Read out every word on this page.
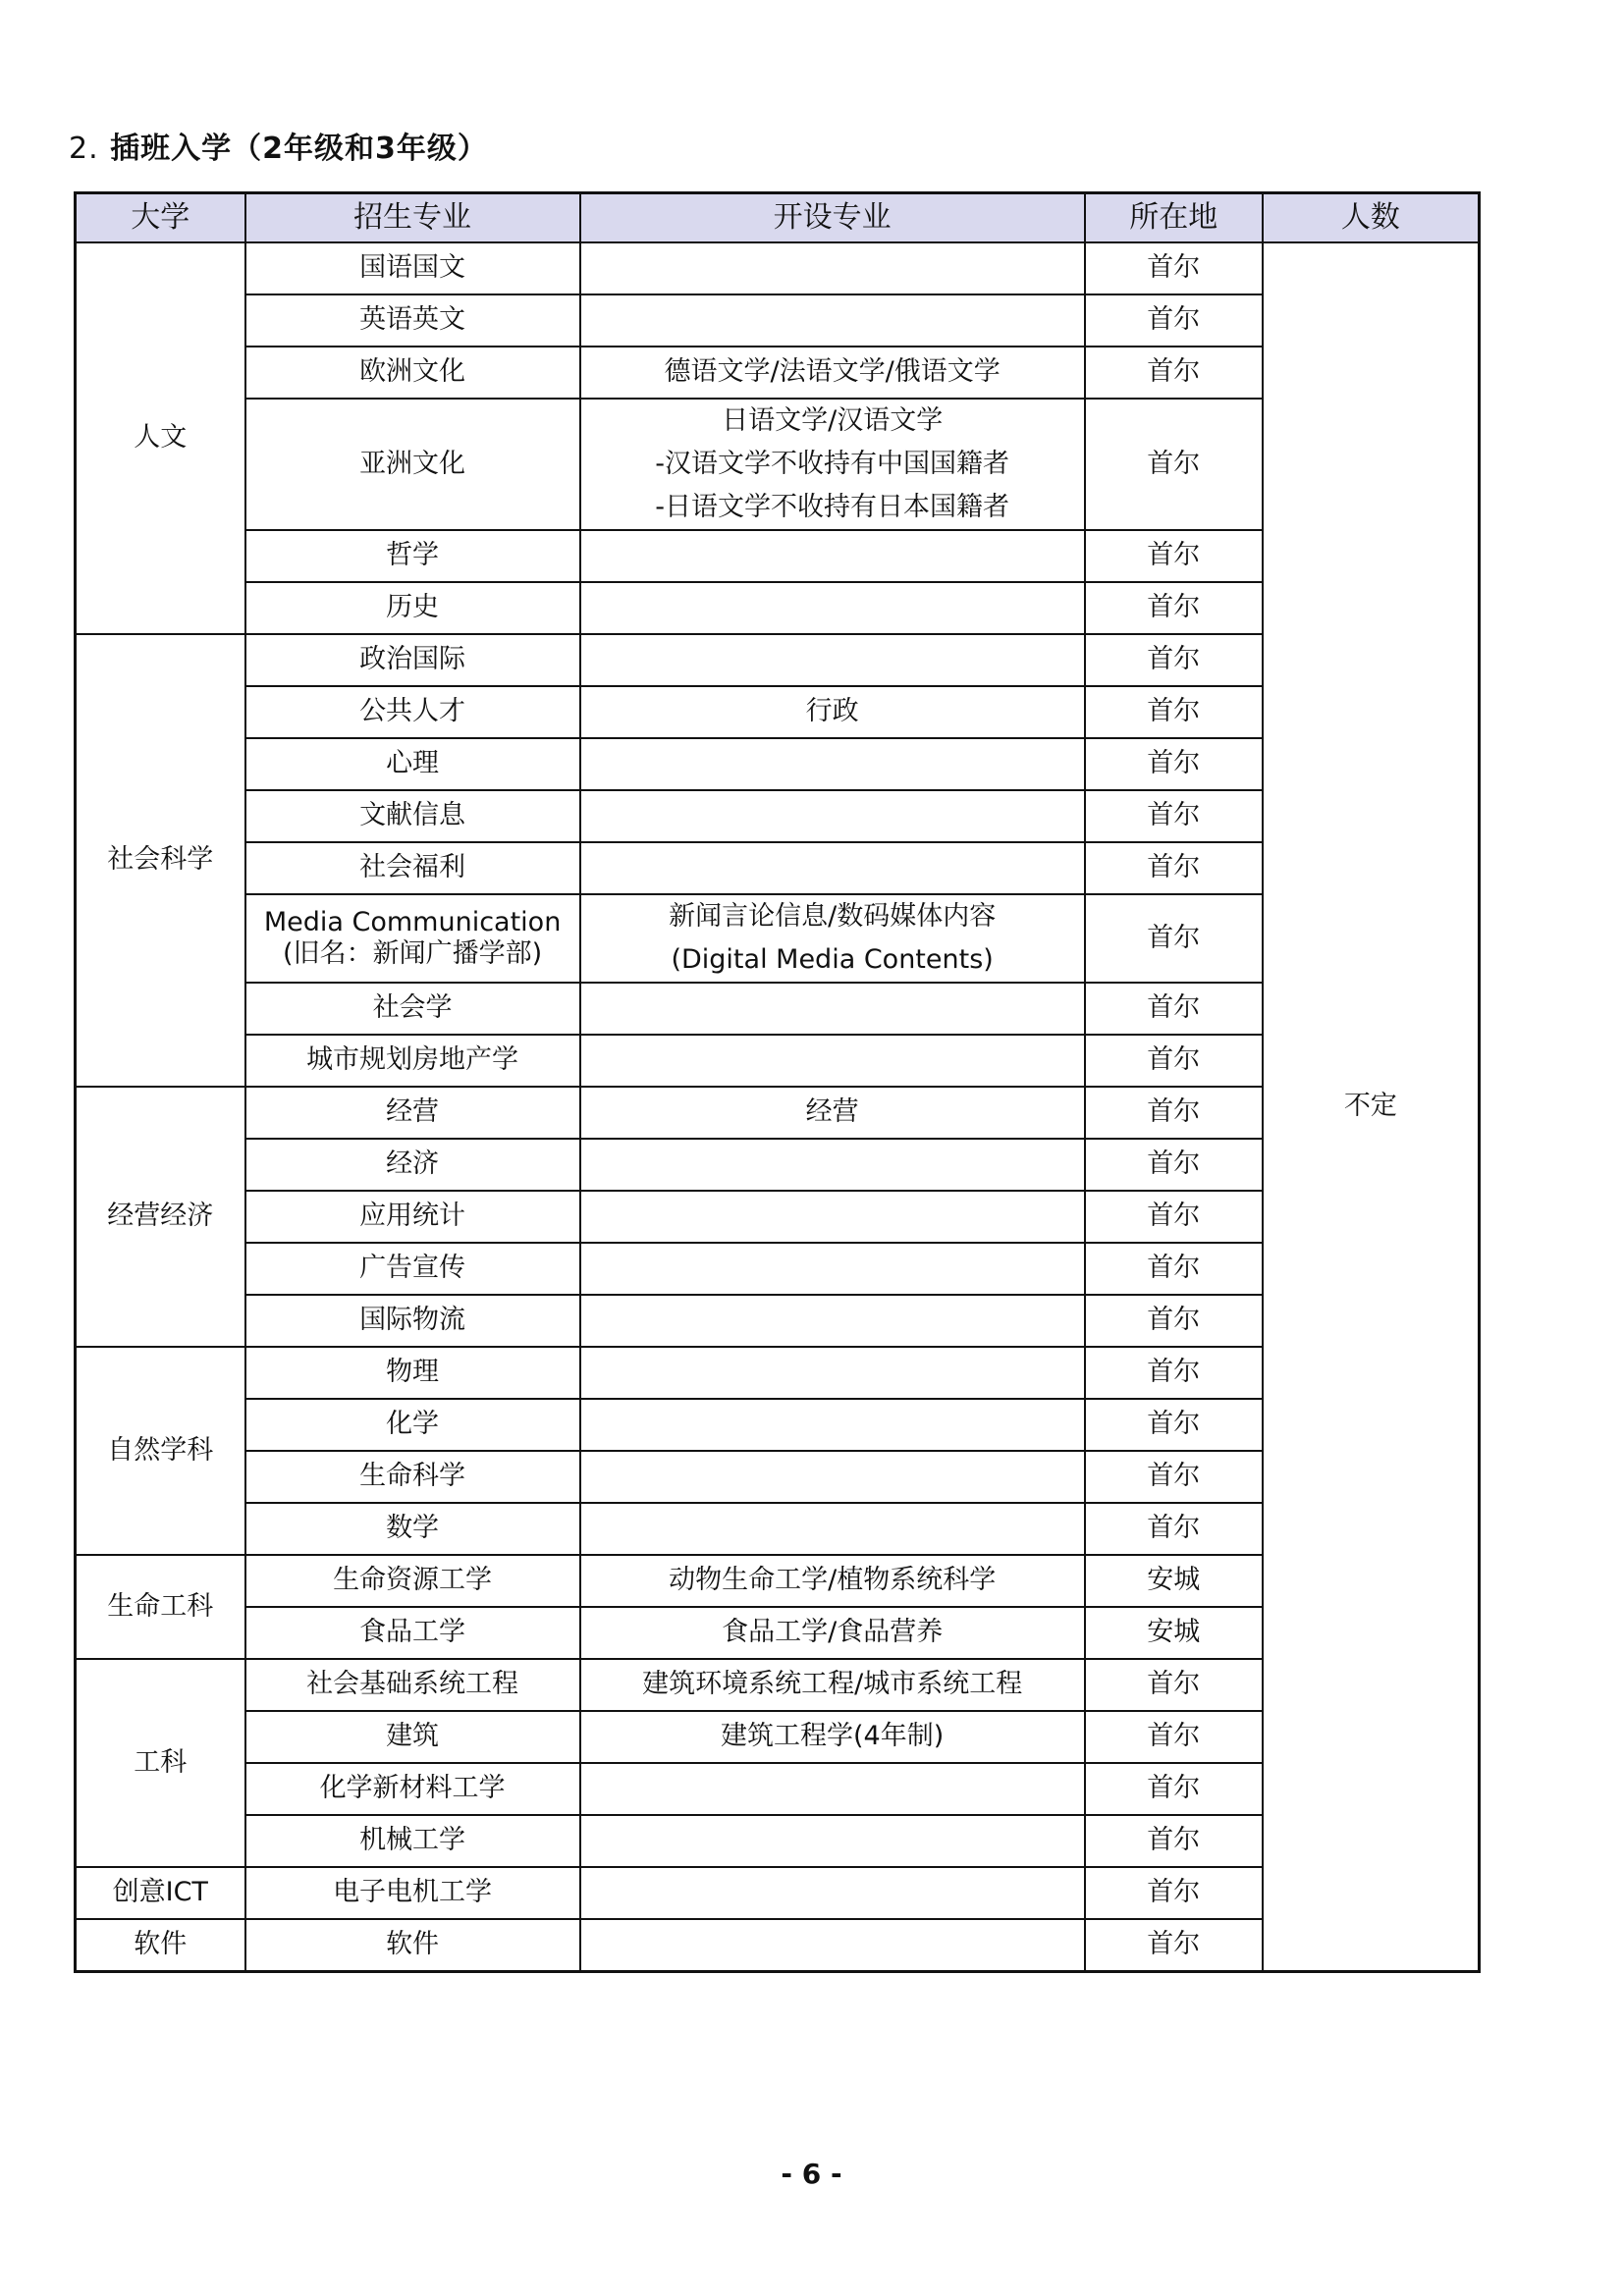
2. 插班入学（2年级和3年级）
大学	招生专业	开设专业	所在地	人数
人文	国语国文		首尔	不定

	英语英文		首尔	

	欧洲文化	德语文学/法语文学/俄语文学	首尔	

	亚洲文化	日语文学/汉语文学
-汉语文学不收持有中国国籍者
-日语文学不收持有日本国籍者	首尔	

	哲学		首尔	

	历史		首尔	
社会科学	政治国际		首尔	

	公共人才	行政	首尔	

	心理		首尔	

	文献信息		首尔	

	社会福利		首尔	

	Media Communication
(旧名：新闻广播学部)	新闻言论信息/数码媒体内容
(Digital Media Contents)	首尔	

	社会学		首尔	

	城市规划房地产学		首尔	
经营经济	经营	经营	首尔	

	经济		首尔	

	应用统计		首尔	

	广告宣传		首尔	

	国际物流		首尔	
自然学科	物理		首尔	

	化学		首尔	

	生命科学		首尔	

	数学		首尔	
生命工科	生命资源工学	动物生命工学/植物系统科学	安城	

	食品工学	食品工学/食品营养	安城	
工科	社会基础系统工程	建筑环境系统工程/城市系统工程	首尔	

	建筑	建筑工程学(4年制)	首尔	

	化学新材料工学		首尔	

	机械工学		首尔	
创意ICT	电子电机工学		首尔	
软件	软件		首尔	
- 6 -
